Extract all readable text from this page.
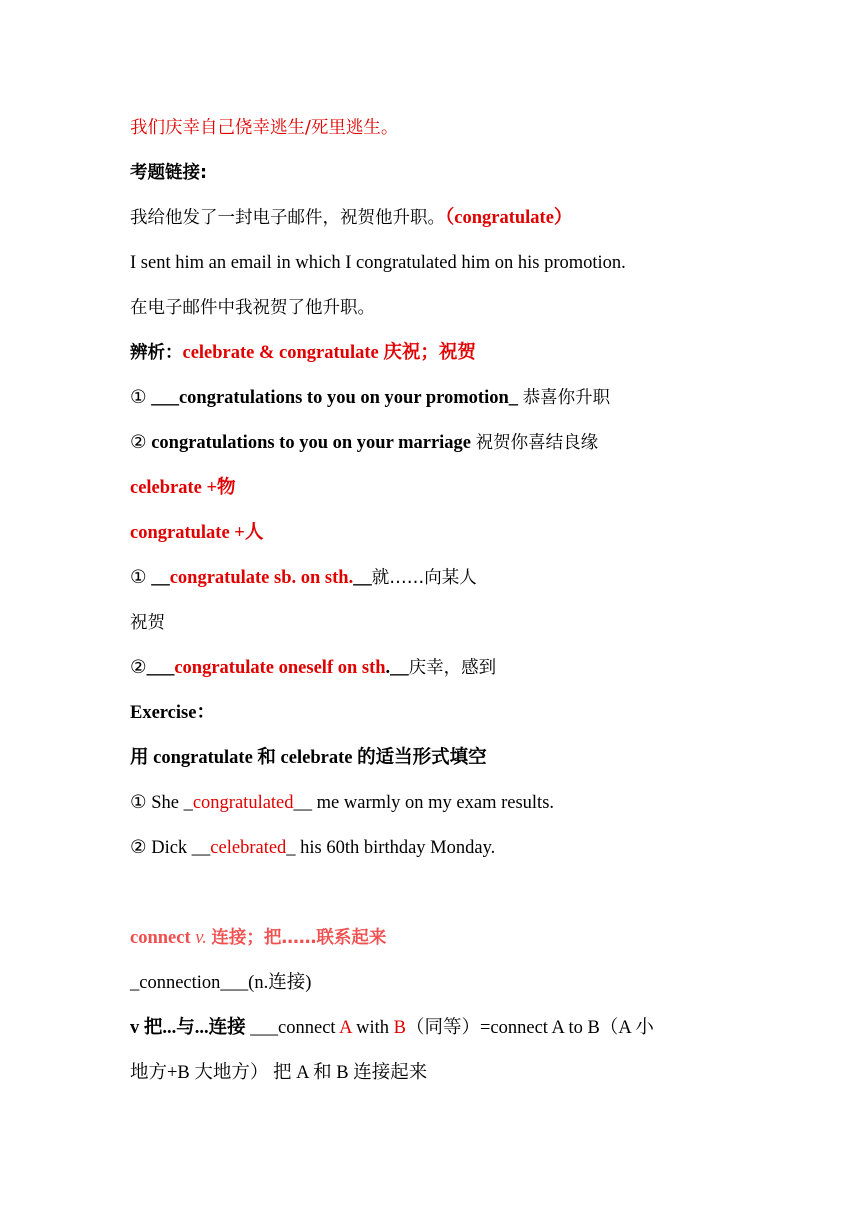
我们庆幸自己侥幸逃生/死里逃生。
考题链接:
我给他发了一封电子邮件，祝贺他升职。（congratulate）
I sent him an email in which I congratulated him on his promotion.
在电子邮件中我祝贺了他升职。
辨析：celebrate & congratulate 庆祝；祝贺
① ___congratulations to you on your promotion_ 恭喜你升职
② congratulations to you on your marriage 祝贺你喜结良缘
celebrate +物
congratulate +人
① __congratulate sb. on sth.__就……向某人
祝贺
②___congratulate oneself on sth.__庆幸，感到
Exercise：
用 congratulate 和 celebrate 的适当形式填空
① She _congratulated__ me warmly on my exam results.
② Dick __celebrated_ his 60th birthday Monday.
connect v. 连接；把……联系起来
_connection___(n.连接)
v 把...与...连接 ___connect A with B（同等）=connect A to B（A 小
地方+B 大地方） 把 A 和 B 连接起来
